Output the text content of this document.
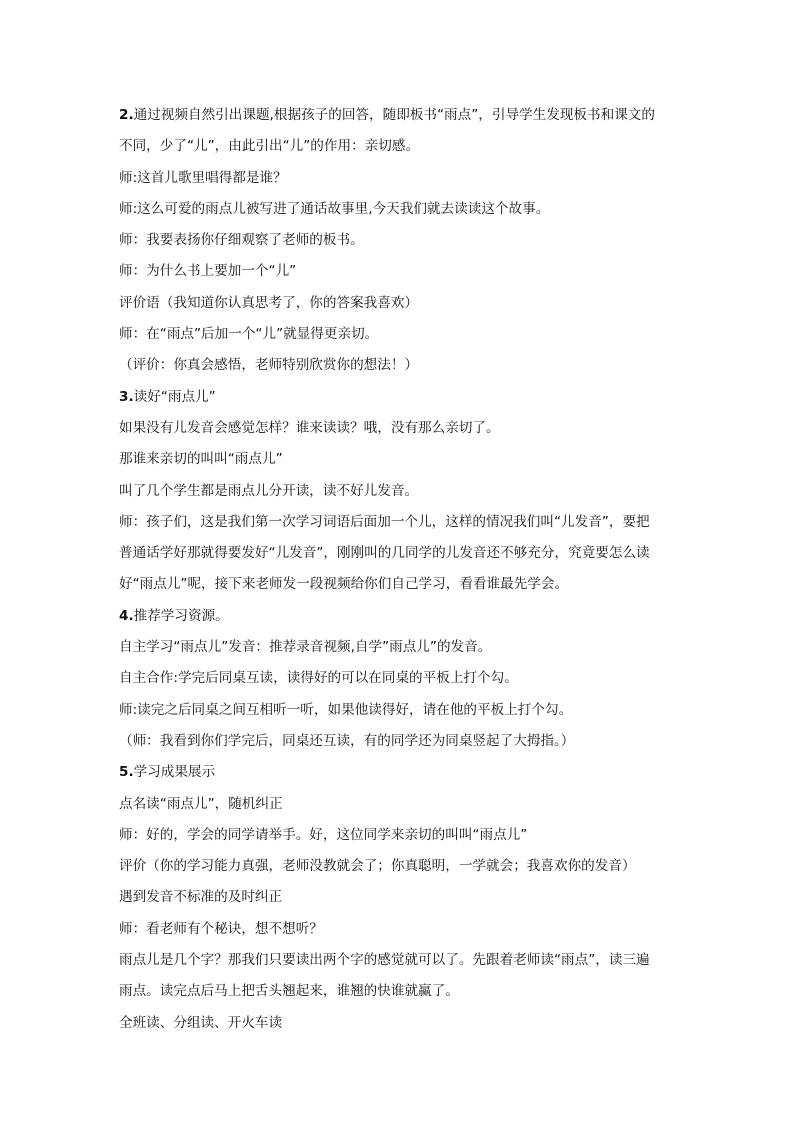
2.通过视频自然引出课题,根据孩子的回答，随即板书“雨点”，引导学生发现板书和课文的
不同，少了“儿”，由此引出“儿”的作用：亲切感。
师:这首儿歌里唱得都是谁？
师:这么可爱的雨点儿被写进了通话故事里,今天我们就去读读这个故事。
师：我要表扬你仔细观察了老师的板书。
师：为什么书上要加一个“儿”
评价语（我知道你认真思考了，你的答案我喜欢）
师：在“雨点”后加一个“儿”就显得更亲切。
（评价：你真会感悟，老师特别欣赏你的想法！）
3.读好“雨点儿”
如果没有儿发音会感觉怎样？谁来读读？哦，没有那么亲切了。
那谁来亲切的叫叫“雨点儿”
叫了几个学生都是雨点儿分开读，读不好儿发音。
师：孩子们，这是我们第一次学习词语后面加一个儿，这样的情况我们叫“儿发音”，要把
普通话学好那就得要发好“儿发音”，刚刚叫的几同学的儿发音还不够充分，究竟要怎么读
好“雨点儿”呢，接下来老师发一段视频给你们自己学习，看看谁最先学会。
4.推荐学习资源。
自主学习“雨点儿”发音：推荐录音视频,自学”雨点儿”的发音。
自主合作:学完后同桌互读，读得好的可以在同桌的平板上打个勾。
师:读完之后同桌之间互相听一听，如果他读得好，请在他的平板上打个勾。
（师：我看到你们学完后，同桌还互读，有的同学还为同桌竖起了大拇指。）
5.学习成果展示
点名读“雨点儿”，随机纠正
师：好的，学会的同学请举手。好，这位同学来亲切的叫叫“雨点儿”
评价（你的学习能力真强，老师没教就会了；你真聪明，一学就会；我喜欢你的发音）
遇到发音不标准的及时纠正
师：看老师有个秘诀，想不想听？
雨点儿是几个字？那我们只要读出两个字的感觉就可以了。先跟着老师读“雨点”，读三遍
雨点。读完点后马上把舌头翘起来，谁翘的快谁就赢了。
全班读、分组读、开火车读
